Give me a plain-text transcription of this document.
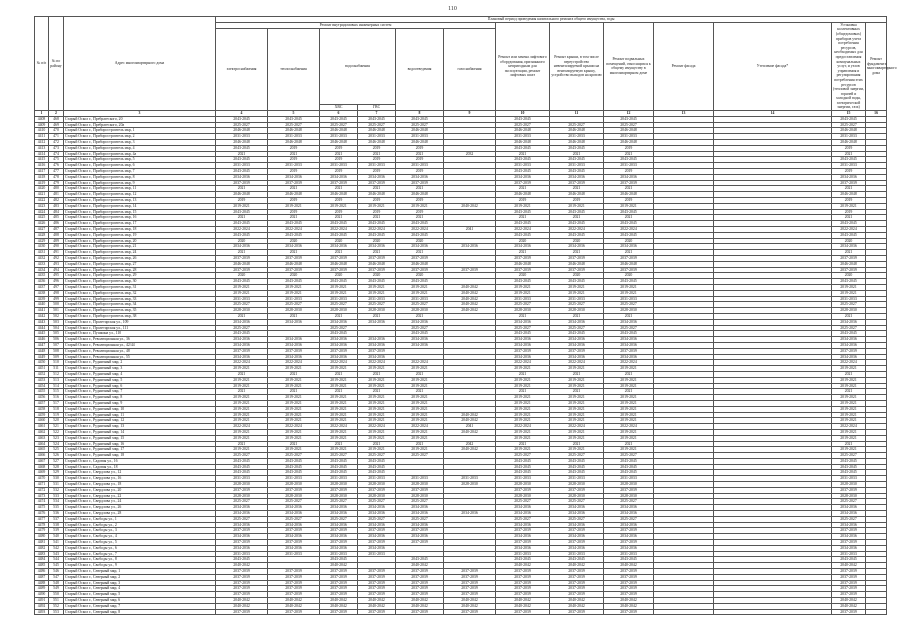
110
№ п/п	№ по району	Адрес многоквартирного дома	Плановый период проведения капитального ремонта общего имущества, годы													
			Ремонт внутридомовых инженерных систем						Ремонт или замена лифтового оборудования, признанного непригодным для эксплуатации, ремонт лифтовых шахт	Ремонт крыши, в том числе переустройство невентилируемой крыши на вентилируемую крышу, устройство выходов на кровлю	Ремонт подвальных помещений, относящихся к общему имуществу в многоквартирном доме	Ремонт фасада	Утепление фасада*	Установка коллективных (общедомовых) приборов учета потребления ресурсов, необходимых для предоставления коммунальных услуг, и узлов управления и регулирования потребления этих ресурсов (тепловой энергии, горячей и холодной воды, электрической энергии, газа)	Ремонт фундамента многоквартирного дома	
			электроснабжения	теплоснабжения	водоснабжения		водоотведения	газоснабжения								
					ХВС	ГВС										
1	2	3	4	5	6	7	8	9	10	11	12	13	14	15	16	
4408	468	Старый Оскол г., Пребрагеского, 20	2043-2045	2043-2045	2043-2045	2043-2045	2043-2045		2043-2045		2043-2045			2043-2045		
4409	469	Старый Оскол г., Пребрагеского, 20а	2025-2027	2025-2027	2025-2027	2025-2027	2025-2027		2025-2027	2025-2027	2025-2027			2025-2027		
4410	470	Старый Оскол г., Приборостроитель мкр, 1	2046-2048	2046-2048	2046-2048	2046-2048	2046-2048		2046-2048	2046-2048	2046-2048			2046-2048		
4411	471	Старый Оскол г., Приборостроитель мкр, 2	2031-2033	2031-2033	2031-2033	2031-2033	2031-2033		2031-2033	2031-2033	2031-2033			2031-2033		
4412	472	Старый Оскол г., Приборостроитель мкр, 3	2046-2048	2046-2048	2046-2048	2046-2048	2046-2048		2046-2048	2046-2048	2046-2048			2046-2048		
4413	473	Старый Оскол г., Приборостроитель мкр, 4	2043-2045	2019	2019	2019	2019		2043-2045	2043-2045	2019			2019		
4414	474	Старый Оскол г., Приборостроитель мкр, 4а	2021	2021	2021	2021	2021	2032	2021	2021	2021			2021		
4415	475	Старый Оскол г., Приборостроитель мкр, 5	2043-2045	2019	2019	2019	2019		2043-2045	2043-2045	2043-2045			2043-2045		
4416	476	Старый Оскол г., Приборостроитель мкр, 6	2031-2033	2031-2033	2031-2033	2031-2033	2031-2033		2031-2033	2031-2033	2031-2033			2031-2033		
4417	477	Старый Оскол г., Приборостроитель мкр, 7	2043-2045	2019	2019	2019	2019		2043-2045	2043-2045	2019			2019		
4418	478	Старый Оскол г., Приборостроитель мкр, 8	2034-2036	2034-2036	2034-2036	2034-2036	2034-2036		2034-2036	2034-2036	2034-2036			2034-2036		
4419	479	Старый Оскол г., Приборостроитель мкр, 9	2037-2039	2037-2039	2037-2039	2037-2039	2037-2039		2037-2039	2037-2039	2037-2039			2037-2039		
4420	480	Старый Оскол г., Приборостроитель мкр, 11	2021	2021	2021	2021	2021		2021	2021	2021			2021		
4421	481	Старый Оскол г., Приборостроитель мкр, 12	2046-2048	2046-2048	2046-2048	2046-2048	2046-2048		2046-2048	2046-2048	2046-2048			2046-2048		
4422	482	Старый Оскол г., Приборостроитель мкр, 13	2019	2019	2019	2019	2019		2019	2019	2019			2019		
4423	483	Старый Оскол г., Приборостроитель мкр, 14	2019-2021	2019-2021	2019-2021	2019-2021	2019-2021	2040-2042	2019-2021	2019-2021	2019-2021			2019-2021		
4424	484	Старый Оскол г., Приборостроитель мкр, 15	2043-2045	2019	2019	2019	2019		2043-2045	2043-2045	2043-2045			2019		
4425	485	Старый Оскол г., Приборостроитель мкр, 16	2021	2021	2021	2021	2021		2021	2021	2021			2021		
4426	486	Старый Оскол г., Приборостроитель мкр, 17	2043-2045	2043-2045	2043-2045	2043-2045	2043-2045		2043-2045	2043-2045	2043-2045			2043-2045		
4427	487	Старый Оскол г., Приборостроитель мкр, 18	2022-2024	2022-2024	2022-2024	2022-2024	2022-2024	2041	2022-2024	2022-2024	2022-2024			2022-2024		
4428	488	Старый Оскол г., Приборостроитель мкр, 19	2043-2045	2043-2045	2043-2045	2043-2045	2043-2045		2043-2045	2043-2045	2043-2045			2043-2045		
4429	489	Старый Оскол г., Приборостроитель мкр, 20	2020	2020	2020	2020	2020		2020	2020	2020			2020		
4430	490	Старый Оскол г., Приборостроитель мкр, 21	2034-2036	2034-2036	2034-2036	2034-2036	2034-2036	2034-2036	2034-2036	2034-2036	2034-2036			2034-2036		
4431	491	Старый Оскол г., Приборостроитель мкр, 24	2021	2021	2021	2021	2021		2021	2021	2021			2021		
4432	492	Старый Оскол г., Приборостроитель мкр, 26	2037-2039	2037-2039	2037-2039	2037-2039	2037-2039		2037-2039	2037-2039	2037-2039			2037-2039		
4433	493	Старый Оскол г., Приборостроитель мкр, 27	2046-2048	2046-2048	2046-2048	2046-2048	2046-2048		2046-2048	2046-2048	2046-2048			2046-2048		
4434	494	Старый Оскол г., Приборостроитель мкр, 28	2037-2039	2037-2039	2037-2039	2037-2039	2037-2039	2037-2039	2037-2039	2037-2039	2037-2039			2037-2039		
4435	495	Старый Оскол г., Приборостроитель мкр, 29	2020	2020	2020	2020	2020		2020	2020	2020			2020		
4436	496	Старый Оскол г., Приборостроитель мкр, 30	2043-2045	2043-2045	2043-2045	2043-2045	2043-2045		2043-2045	2043-2045	2043-2045			2043-2045		
4437	497	Старый Оскол г., Приборостроитель мкр, 31	2019-2021	2019-2021	2019-2021	2019-2021	2019-2021	2040-2042	2019-2021	2019-2021	2019-2021			2019-2021		
4438	498	Старый Оскол г., Приборостроитель мкр, 32	2019-2021	2019-2021	2019-2021	2019-2021	2019-2021	2040-2042	2019-2021	2019-2021	2019-2021			2019-2021		
4439	499	Старый Оскол г., Приборостроитель мкр, 33	2031-2033	2031-2033	2031-2033	2031-2033	2031-2033	2040-2042	2031-2033	2031-2033	2031-2033			2031-2033		
4440	500	Старый Оскол г., Приборостроитель мкр, 34	2025-2027	2025-2027	2025-2027	2025-2027	2025-2027	2040-2042	2025-2027	2025-2027	2025-2027			2025-2027		
4441	501	Старый Оскол г., Приборостроитель мкр, 35	2028-2030	2028-2030	2028-2030	2028-2030	2028-2030	2040-2042	2028-2030	2028-2030	2028-2030			2028-2030		
4442	502	Старый Оскол г., Приборостроитель мкр, 38	2021	2021	2021	2021	2021		2021	2021	2021			2021		
4443	503	Старый Оскол г., Пролетарская ул., 109	2034-2036	2034-2036	2034-2036	2034-2036	2034-2036		2034-2036	2034-2036	2034-2036			2034-2036		
4444	504	Старый Оскол г., Пролетарская ул., 111	2025-2027		2025-2027		2025-2027		2025-2027	2025-2027	2025-2027			2025-2027		
4445	505	Старый Оскол г., Пушкина ул., 110	2043-2045		2043-2045		2043-2045		2043-2045	2043-2045	2043-2045			2043-2045		
4446	506	Старый Оскол г., Революционная ул., 36	2034-2036	2034-2036	2034-2036	2034-2036	2034-2036		2034-2036	2034-2036	2034-2036			2034-2036		
4447	507	Старый Оскол г., Революционная ул., 42/44	2034-2036	2034-2036	2034-2036	2034-2036	2034-2036		2034-2036	2034-2036	2034-2036			2034-2036		
4448	508	Старый Оскол г., Революционная ул., 48	2037-2039	2037-2039	2037-2039	2037-2039			2037-2039	2037-2039	2037-2039			2037-2039		
4449	509	Старый Оскол г., Революционная ул., 55	2034-2036	2034-2036	2034-2036	2034-2036			2034-2036	2034-2036	2034-2036			2034-2036		
4450	510	Старый Оскол г., Рудничный мкр, 2	2022-2024	2022-2024	2022-2024	2022-2024	2022-2024		2022-2024	2022-2024	2022-2024			2022-2024		
4451	511	Старый Оскол г., Рудничный мкр, 3	2019-2021	2019-2021	2019-2021	2019-2021	2019-2021		2019-2021	2019-2021	2019-2021			2019-2021		
4452	512	Старый Оскол г., Рудничный мкр, 4	2021	2021	2021	2021	2021		2021	2021	2021			2021		
4453	513	Старый Оскол г., Рудничный мкр, 5	2019-2021	2019-2021	2019-2021	2019-2021	2019-2021		2019-2021	2019-2021	2019-2021			2019-2021		
4454	514	Старый Оскол г., Рудничный мкр, 6	2019-2021	2019-2021	2019-2021	2019-2021	2019-2021		2019-2021	2019-2021	2019-2021			2019-2021		
4455	515	Старый Оскол г., Рудничный мкр, 7	2021	2021	2021	2021	2021		2021	2021	2021			2021		
4456	516	Старый Оскол г., Рудничный мкр, 8	2019-2021	2019-2021	2019-2021	2019-2021	2019-2021		2019-2021	2019-2021	2019-2021			2019-2021		
4457	517	Старый Оскол г., Рудничный мкр, 9	2019-2021	2019-2021	2019-2021	2019-2021	2019-2021		2019-2021	2019-2021	2019-2021			2019-2021		
4458	518	Старый Оскол г., Рудничный мкр, 10	2019-2021	2019-2021	2019-2021	2019-2021	2019-2021		2019-2021	2019-2021	2019-2021			2019-2021		
4459	519	Старый Оскол г., Рудничный мкр, 11	2019-2021	2019-2021	2019-2021	2019-2021	2019-2021	2040-2042	2019-2021	2019-2021	2019-2021			2019-2021		
4460	520	Старый Оскол г., Рудничный мкр, 12	2019-2021	2019-2021	2019-2021	2019-2021	2019-2021	2040-2042	2019-2021	2019-2021	2019-2021			2019-2021		
4461	521	Старый Оскол г., Рудничный мкр, 13	2022-2024	2022-2024	2022-2024	2022-2024	2022-2024	2041	2022-2024	2022-2024	2022-2024			2022-2024		
4462	522	Старый Оскол г., Рудничный мкр, 14	2019-2021	2019-2021	2019-2021	2019-2021	2019-2021	2040-2042	2019-2021	2019-2021	2019-2021			2019-2021		
4463	523	Старый Оскол г., Рудничный мкр, 15	2019-2021	2019-2021	2019-2021	2019-2021	2019-2021		2019-2021	2019-2021	2019-2021			2019-2021		
4464	524	Старый Оскол г., Рудничный мкр, 16	2021	2021	2021	2021	2021	2042	2021	2021	2021			2021		
4465	525	Старый Оскол г., Рудничный мкр, 17	2019-2021	2019-2021	2019-2021	2019-2021	2019-2021	2040-2042	2019-2021	2019-2021	2019-2021			2019-2021		
4466	526	Старый Оскол г., Рудничный мкр, 18	2025-2027	2025-2027	2025-2027	2025-2027	2025-2027		2025-2027	2025-2027	2025-2027			2025-2027		
4467	527	Старый Оскол г., Садовая ул., 16	2043-2045	2043-2045	2043-2045	2043-2045			2043-2045	2043-2045	2043-2045			2043-2045		
4468	528	Старый Оскол г., Садовая ул., 18	2043-2045	2043-2045	2043-2045	2043-2045			2043-2045	2043-2045	2043-2045			2043-2045		
4469	529	Старый Оскол г., Свердлова ул., 12	2043-2045	2043-2045	2043-2045	2043-2045			2043-2045	2043-2045	2043-2045			2043-2045		
4470	530	Старый Оскол г., Свердлова ул., 16	2031-2033	2031-2033	2031-2033	2031-2033	2031-2033	2031-2033	2031-2033	2031-2033	2031-2033			2031-2033		
4471	531	Старый Оскол г., Свердлова ул., 18	2028-2030	2028-2030	2028-2030	2028-2030	2028-2030	2028-2030	2028-2030	2028-2030	2028-2030			2028-2030		
4472	532	Старый Оскол г., Свердлова ул., 20	2037-2039	2037-2039	2037-2039	2037-2039	2037-2039		2037-2039	2037-2039	2037-2039			2037-2039		
4473	533	Старый Оскол г., Свердлова ул., 22	2028-2030	2028-2030	2028-2030	2028-2030	2028-2030		2028-2030	2028-2030	2028-2030			2028-2030		
4474	534	Старый Оскол г., Свердлова ул., 24	2025-2027	2025-2027	2025-2027	2025-2027	2025-2027		2025-2027	2025-2027	2025-2027			2025-2027		
4475	535	Старый Оскол г., Свердлова ул., 26	2034-2036	2034-2036	2034-2036	2034-2036	2034-2036		2034-2036	2034-2036	2034-2036			2034-2036		
4476	536	Старый Оскол г., Свердлова ул., 28	2034-2036	2034-2036	2034-2036	2034-2036	2034-2036	2034-2036	2034-2036	2034-2036	2034-2036			2034-2036		
4477	537	Старый Оскол г., Свободы ул., 1	2025-2027	2025-2027	2025-2027	2025-2027	2025-2027		2025-2027	2025-2027	2025-2027			2025-2027		
4478	538	Старый Оскол г., Свободы ул., 2	2034-2036	2034-2036	2034-2036	2034-2036	2034-2036		2034-2036	2034-2036	2034-2036			2034-2036		
4479	539	Старый Оскол г., Свободы ул., 3	2037-2039	2037-2039	2037-2039	2037-2039	2037-2039		2037-2039	2037-2039	2037-2039			2037-2039		
4480	540	Старый Оскол г., Свободы ул., 4	2034-2036	2034-2036	2034-2036	2034-2036	2034-2036		2034-2036	2034-2036	2034-2036			2034-2036		
4481	541	Старый Оскол г., Свободы ул., 5	2037-2039	2037-2039	2037-2039	2037-2039	2037-2039		2037-2039	2037-2039	2037-2039			2037-2039		
4482	542	Старый Оскол г., Свободы ул., 6	2034-2036	2034-2036	2034-2036	2034-2036			2034-2036	2034-2036	2034-2036			2034-2036		
4483	543	Старый Оскол г., Свободы ул., 7	2031-2033	2031-2033	2031-2033	2031-2033			2031-2033	2031-2033	2031-2033			2031-2033		
4484	544	Старый Оскол г., Свободы ул., 8	2043-2045		2043-2045		2043-2045		2043-2045	2043-2045	2043-2045			2043-2045		
4485	545	Старый Оскол г., Свободы ул., 9	2040-2042		2040-2042		2040-2042		2040-2042	2040-2042	2040-2042			2040-2042		
4486	546	Старый Оскол г., Северный мкр, 1	2037-2039	2037-2039	2037-2039	2037-2039	2037-2039	2037-2039	2037-2039	2037-2039	2037-2039			2037-2039		
4487	547	Старый Оскол г., Северный мкр, 2	2037-2039	2037-2039	2037-2039	2037-2039	2037-2039	2037-2039	2037-2039	2037-2039	2037-2039			2037-2039		
4488	548	Старый Оскол г., Северный мкр, 3	2037-2039	2037-2039	2037-2039	2037-2039	2037-2039	2037-2039	2037-2039	2037-2039	2037-2039			2037-2039		
4489	549	Старый Оскол г., Северный мкр, 4	2037-2039	2037-2039	2037-2039	2037-2039	2037-2039	2037-2039	2037-2039	2037-2039	2037-2039			2037-2039		
4490	550	Старый Оскол г., Северный мкр, 5	2037-2039	2037-2039	2037-2039	2037-2039	2037-2039	2037-2039	2037-2039	2037-2039	2037-2039			2037-2039		
4491	551	Старый Оскол г., Северный мкр, 6	2040-2042	2040-2042	2040-2042	2040-2042	2040-2042	2040-2042	2040-2042	2040-2042	2040-2042			2040-2042		
4492	552	Старый Оскол г., Северный мкр, 7	2040-2042	2040-2042	2040-2042	2040-2042	2040-2042	2040-2042	2040-2042	2040-2042	2040-2042			2040-2042		
4493	553	Старый Оскол г., Северный мкр, 8	2037-2039	2037-2039	2037-2039	2037-2039	2037-2039	2037-2039	2037-2039	2037-2039	2037-2039			2037-2039		
